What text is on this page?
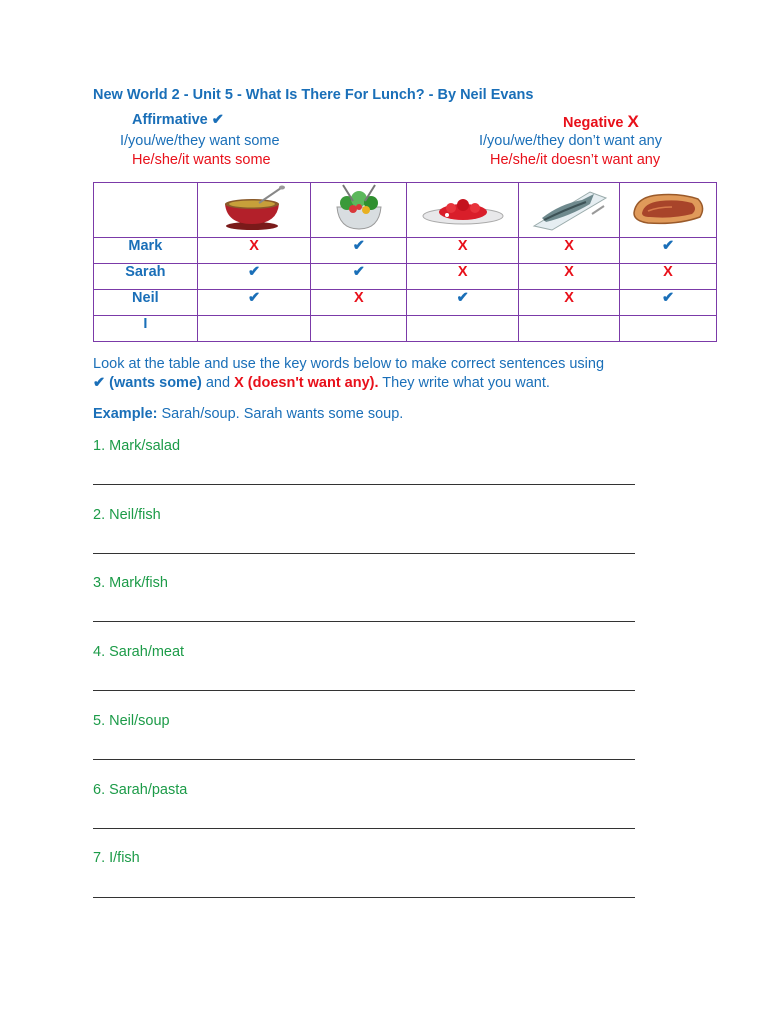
New World 2 - Unit 5 - What Is There For Lunch? - By Neil Evans
Affirmative ✔
I/you/we/they want some
He/she/it wants some
Negative X
I/you/we/they don’t want any
He/she/it doesn’t want any

Mark	X	✔	X	X	✔
Sarah	✔	✔	X	X	X
Neil	✔	X	✔	X	✔
I					
Look at the table and use the key words below to make correct sentences using
✔ (wants some) and X (doesn't want any). They write what you want.
Example: Sarah/soup. Sarah wants some soup.
1. Mark/salad
2. Neil/fish
3. Mark/fish
4. Sarah/meat
5. Neil/soup
6. Sarah/pasta
7. I/fish
